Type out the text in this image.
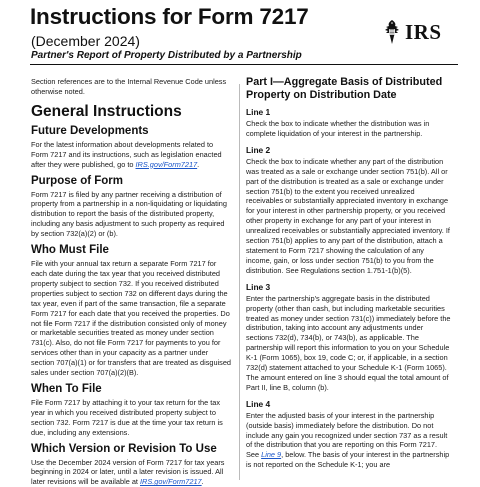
Instructions for Form 7217
(December 2024)
Partner's Report of Property Distributed by a Partnership
IRS

Section references are to the Internal Revenue Code unless otherwise noted.

General Instructions

Future Developments

For the latest information about developments related to Form 7217 and its instructions, such as legislation enacted after they were published, go to IRS.gov/Form7217.

Purpose of Form

Form 7217 is filed by any partner receiving a distribution of property from a partnership in a non-liquidating or liquidating distribution to report the basis of the distributed property, including any basis adjustment to such property as required by section 732(a)(2) or (b).

Who Must File

File with your annual tax return a separate Form 7217 for each date during the tax year that you received distributed property subject to section 732. If you received distributed properties subject to section 732 on different days during the tax year, even if part of the same transaction, file a separate Form 7217 for each date that you received the properties. Do not file Form 7217 if the distribution consisted only of money or marketable securities treated as money under section 731(c). Also, do not file Form 7217 for payments to you for services other than in your capacity as a partner under section 707(a)(1) or for transfers that are treated as disguised sales under section 707(a)(2)(B).

When To File

File Form 7217 by attaching it to your tax return for the tax year in which you received distributed property subject to section 732. Form 7217 is due at the time your tax return is due, including any extensions.

Which Version or Revision To Use

Use the December 2024 version of Form 7217 for tax years beginning in 2024 or later, until a later revision is issued. All later revisions will be available at IRS.gov/Form7217.

Part I—Aggregate Basis of Distributed Property on Distribution Date

Line 1

Check the box to indicate whether the distribution was in complete liquidation of your interest in the partnership.

Line 2

Check the box to indicate whether any part of the distribution was treated as a sale or exchange under section 751(b). All or part of the distribution is treated as a sale or exchange under section 751(b) to the extent you received unrealized receivables or substantially appreciated inventory in exchange for your interest in other partnership property, or you received other property in exchange for any part of your interest in unrealized receivables or substantially appreciated inventory. If section 751(b) applies to any part of the distribution, attach a statement to Form 7217 showing the calculation of any income, gain, or loss under section 751(b) to you from the distribution. See Regulations section 1.751-1(b)(5).

Line 3

Enter the partnership's aggregate basis in the distributed property (other than cash, but including marketable securities treated as money under section 731(c)) immediately before the distribution, taking into account any adjustments under sections 732(d), 734(b), or 743(b), as applicable. The partnership will report this information to you on your Schedule K-1 (Form 1065), box 19, code C; or, if applicable, in a section 732(d) statement attached to your Schedule K-1 (Form 1065). The amount entered on line 3 should equal the total amount of Part II, line B, column (b).

Line 4

Enter the adjusted basis of your interest in the partnership (outside basis) immediately before the distribution. Do not include any gain you recognized under section 737 as a result of the distribution that you are reporting on this Form 7217. See Line 9, below. The basis of your interest in the partnership is not reported on the Schedule K-1; you are
